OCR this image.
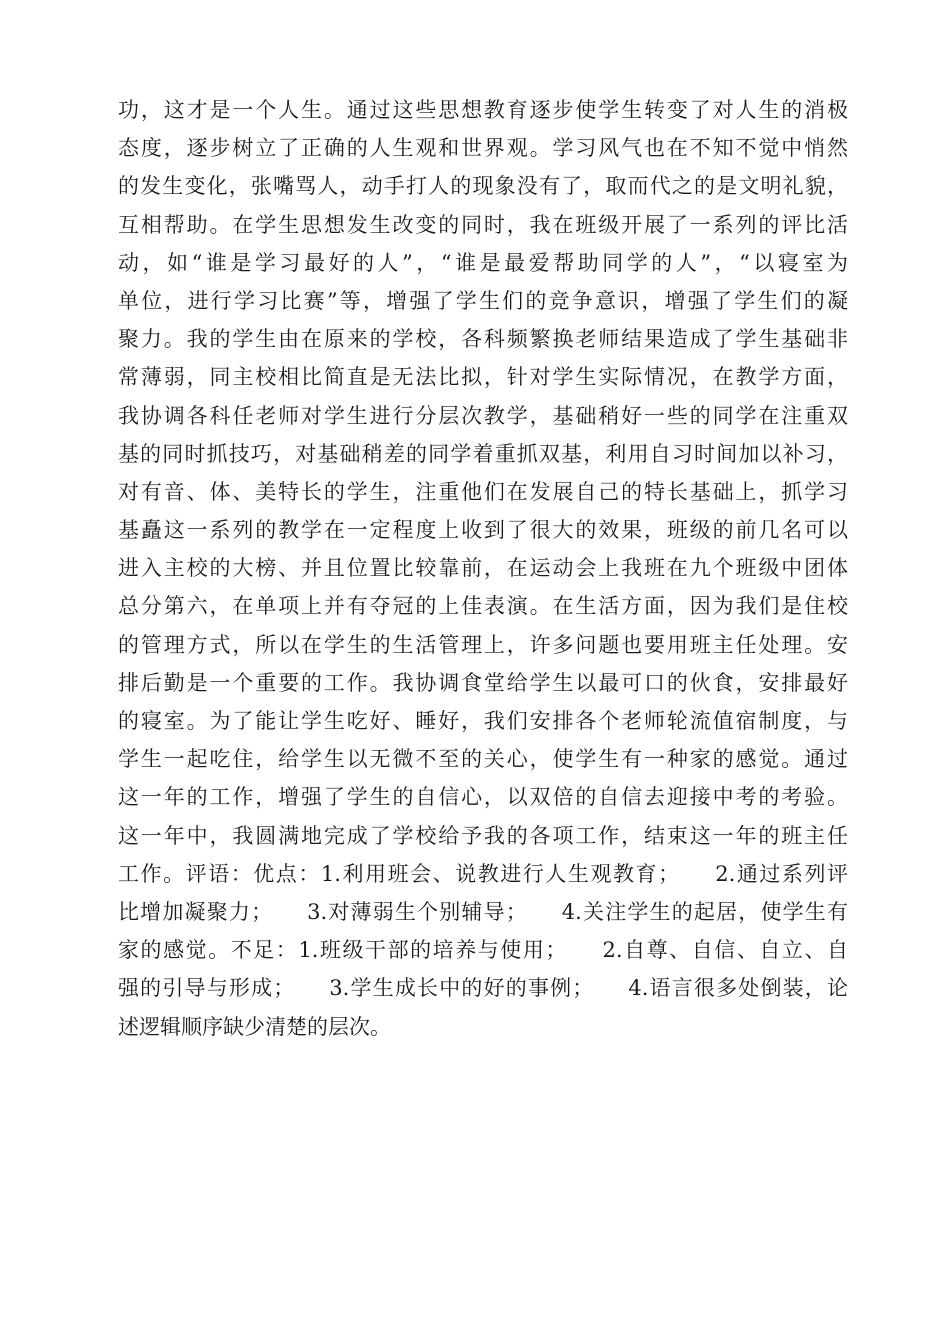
功，这才是一个人生。通过这些思想教育逐步使学生转变了对人生的消极
态度，逐步树立了正确的人生观和世界观。学习风气也在不知不觉中悄然
的发生变化，张嘴骂人，动手打人的现象没有了，取而代之的是文明礼貌，
互相帮助。在学生思想发生改变的同时，我在班级开展了一系列的评比活
动，如“谁是学习最好的人”，“谁是最爱帮助同学的人”，“以寝室为
单位，进行学习比赛”等，增强了学生们的竞争意识，增强了学生们的凝
聚力。我的学生由在原来的学校，各科频繁换老师结果造成了学生基础非
常薄弱，同主校相比简直是无法比拟，针对学生实际情况，在教学方面，
我协调各科任老师对学生进行分层次教学，基础稍好一些的同学在注重双
基的同时抓技巧，对基础稍差的同学着重抓双基，利用自习时间加以补习，
对有音、体、美特长的学生，注重他们在发展自己的特长基础上，抓学习
基矗这一系列的教学在一定程度上收到了很大的效果，班级的前几名可以
进入主校的大榜、并且位置比较靠前，在运动会上我班在九个班级中团体
总分第六，在单项上并有夺冠的上佳表演。在生活方面，因为我们是住校
的管理方式，所以在学生的生活管理上，许多问题也要用班主任处理。安
排后勤是一个重要的工作。我协调食堂给学生以最可口的伙食，安排最好
的寝室。为了能让学生吃好、睡好，我们安排各个老师轮流值宿制度，与
学生一起吃住，给学生以无微不至的关心，使学生有一种家的感觉。通过
这一年的工作，增强了学生的自信心，以双倍的自信去迎接中考的考验。
这一年中，我圆满地完成了学校给予我的各项工作，结束这一年的班主任
工作。评语：优点：1.利用班会、说教进行人生观教育；　　2.通过系列评
比增加凝聚力；　　3.对薄弱生个别辅导；　　4.关注学生的起居，使学生有
家的感觉。不足：1.班级干部的培养与使用；　　2.自尊、自信、自立、自
强的引导与形成；　　3.学生成长中的好的事例；　　4.语言很多处倒装，论
述逻辑顺序缺少清楚的层次。
